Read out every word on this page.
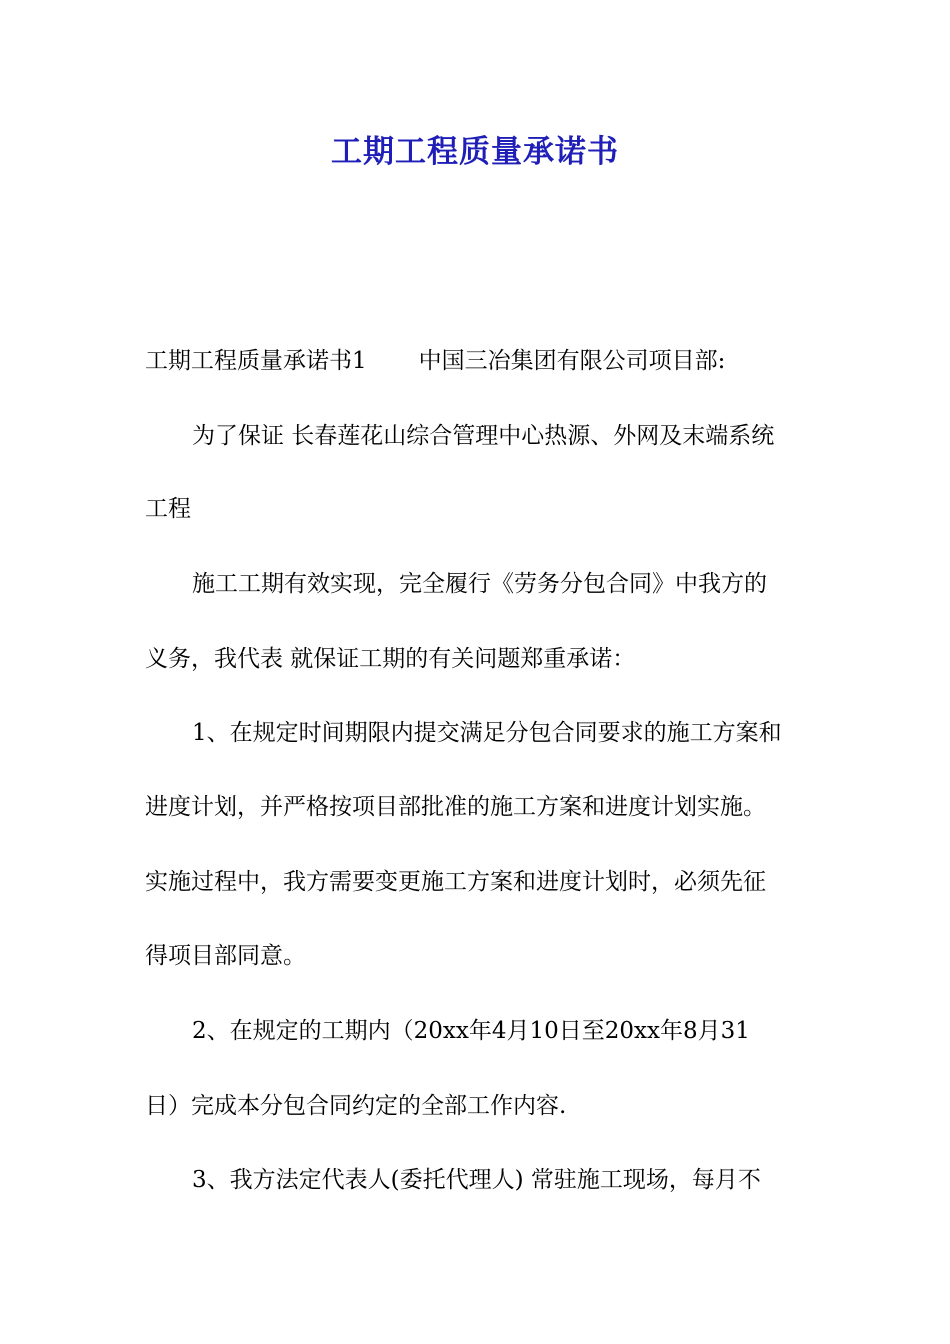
工期工程质量承诺书
工期工程质量承诺书1 中国三冶集团有限公司项目部:
为了保证 长春莲花山综合管理中心热源、外网及末端系统
工程
施工工期有效实现，完全履行《劳务分包合同》中我方的
义务，我代表 就保证工期的有关问题郑重承诺：
1、在规定时间期限内提交满足分包合同要求的施工方案和
进度计划，并严格按项目部批准的施工方案和进度计划实施。
实施过程中，我方需要变更施工方案和进度计划时，必须先征
得项目部同意。
2、在规定的工期内（20xx年4月10日至20xx年8月31
日）完成本分包合同约定的全部工作内容.
3、我方法定代表人(委托代理人) 常驻施工现场，每月不
